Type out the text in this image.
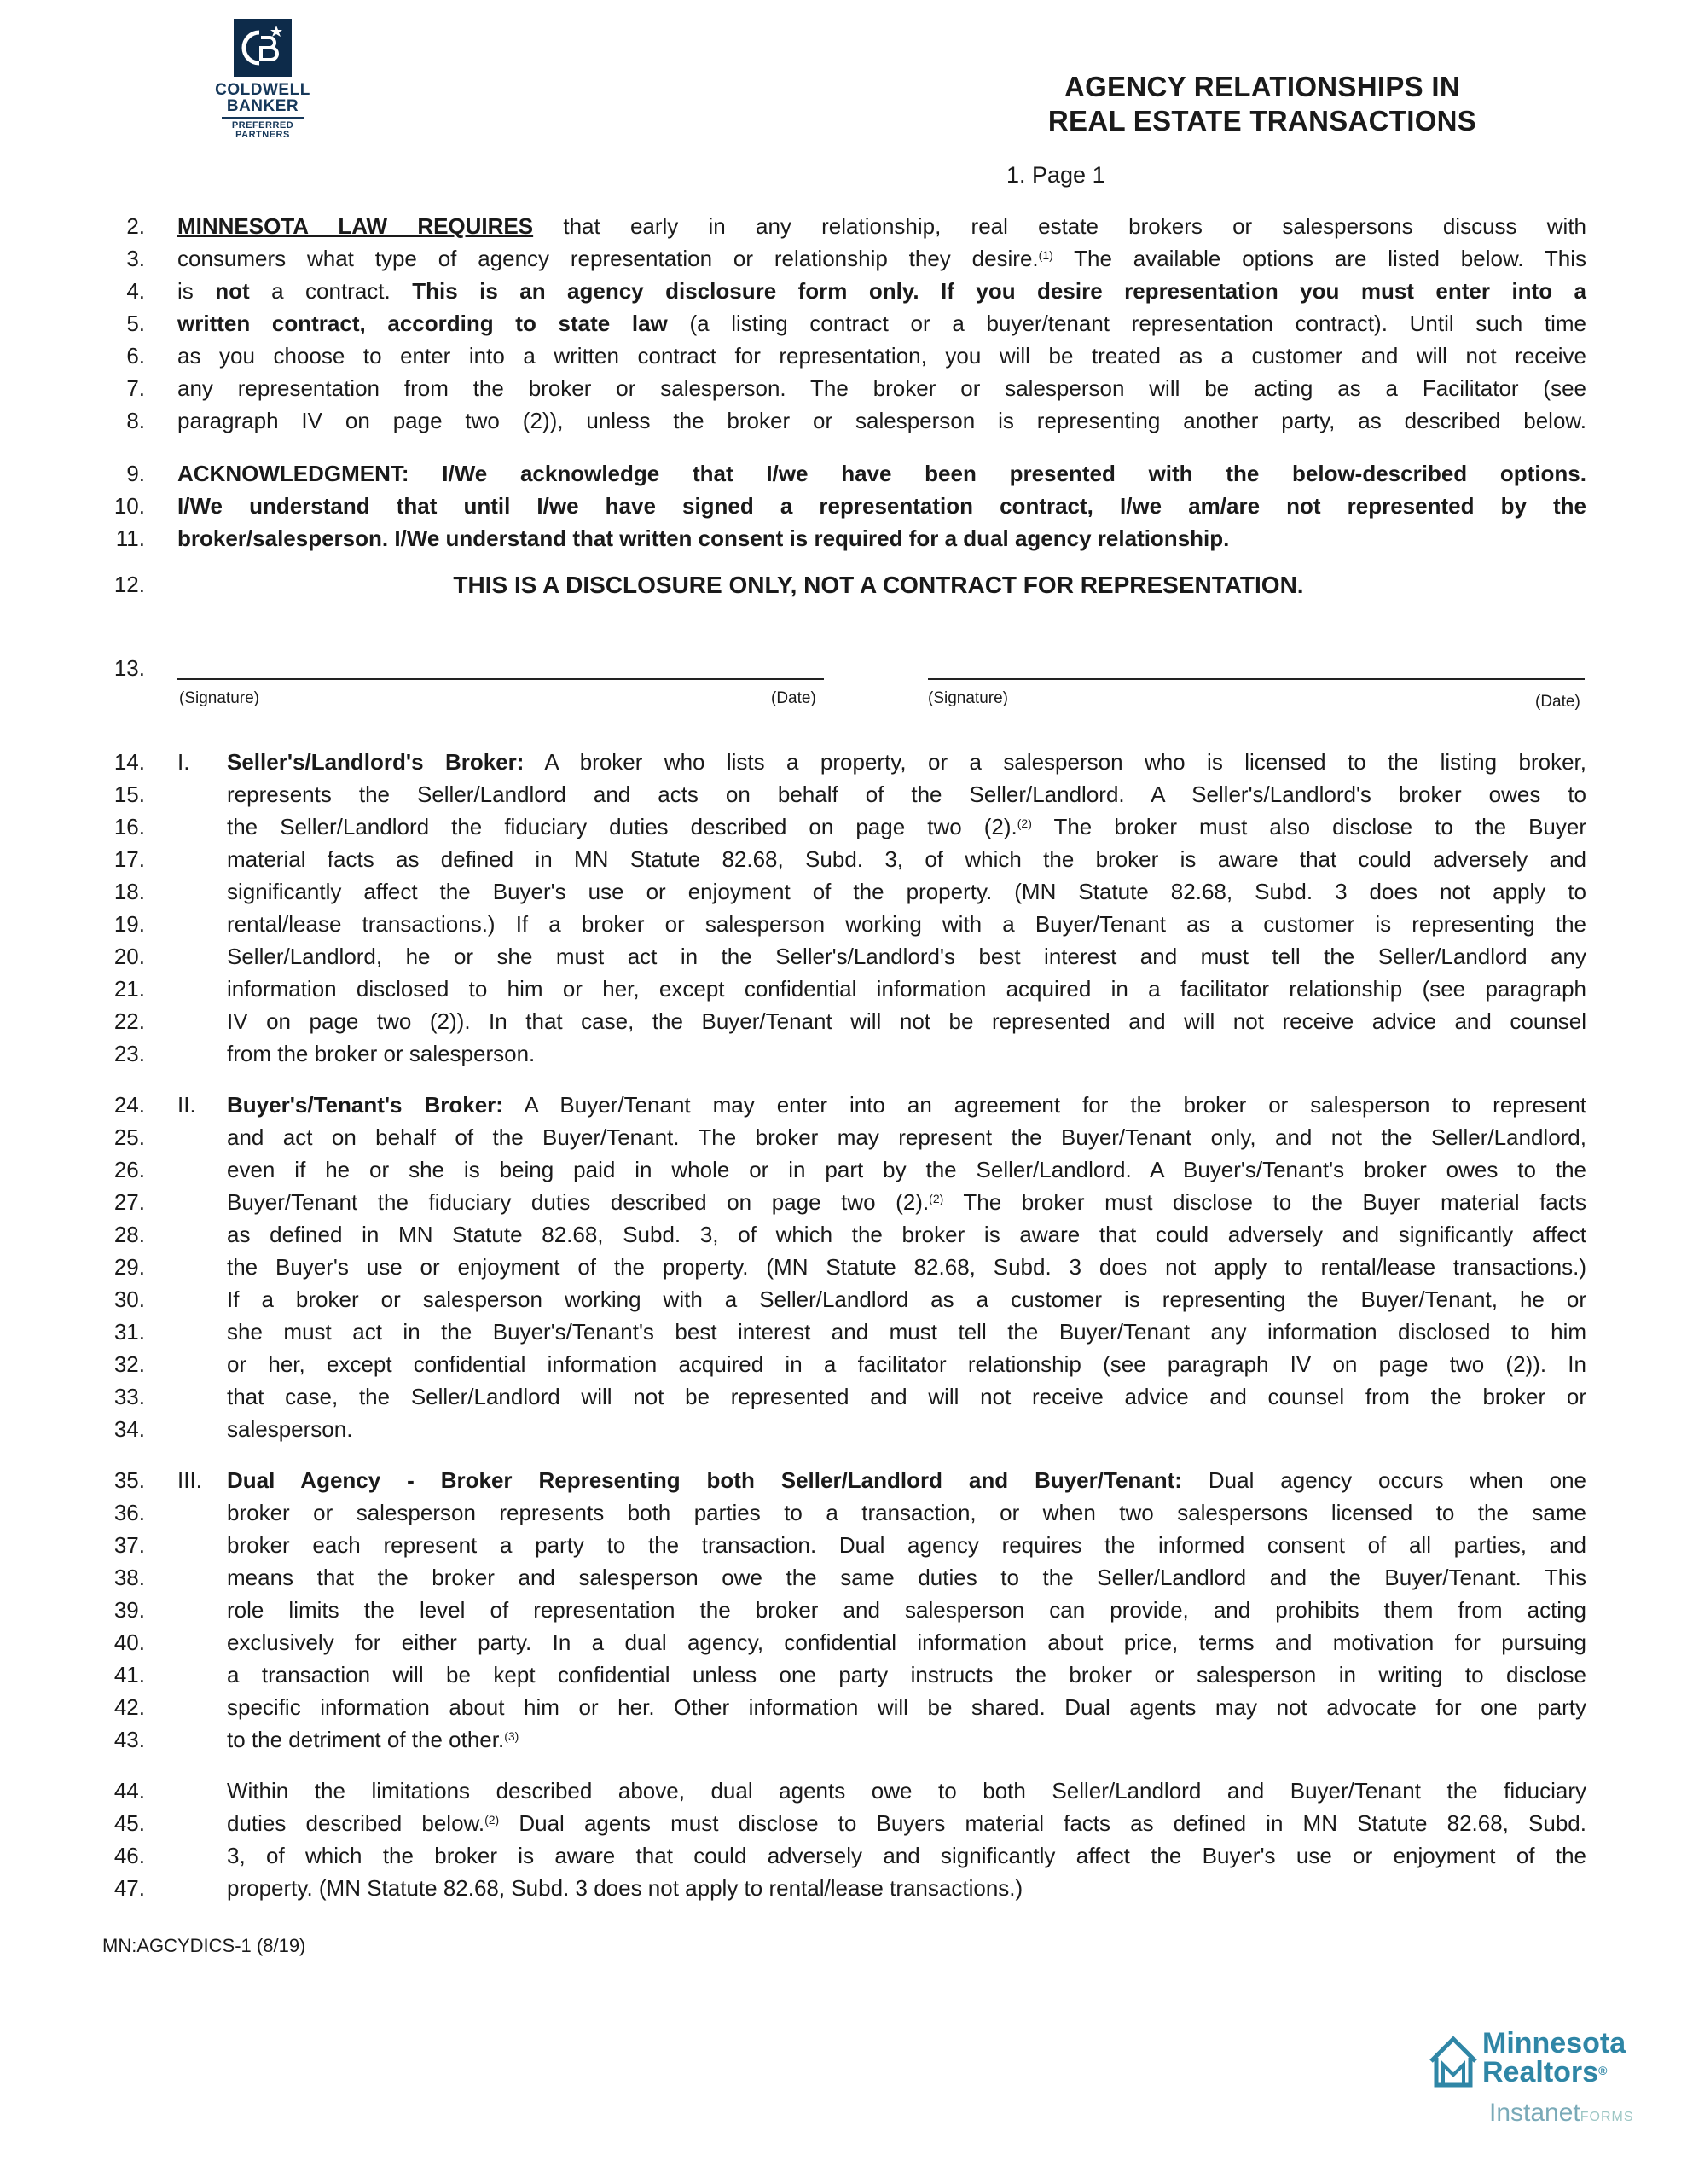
COLDWELL
BANKER
PREFERRED
PARTNERS
AGENCY RELATIONSHIPS IN
REAL ESTATE TRANSACTIONS
1. Page 1
2.
3.
4.
5.
6.
7.
8.
9.
10.
11.
12.
13.
14.
15.
16.
17.
18.
19.
20.
21.
22.
23.
24.
25.
26.
27.
28.
29.
30.
31.
32.
33.
34.
35.
36.
37.
38.
39.
40.
41.
42.
43.
44.
45.
46.
47.
MINNESOTA LAW REQUIRES that early in any relationship, real estate brokers or salespersons discuss with
consumers what type of agency representation or relationship they desire.$^{(1)}$ The available options are listed below. This
is not a contract. This is an agency disclosure form only. If you desire representation you must enter into a
written contract, according to state law (a listing contract or a buyer/tenant representation contract). Until such time
as you choose to enter into a written contract for representation, you will be treated as a customer and will not receive
any representation from the broker or salesperson. The broker or salesperson will be acting as a Facilitator (see
paragraph IV on page two (2)), unless the broker or salesperson is representing another party, as described below.
ACKNOWLEDGMENT: I/We acknowledge that I/we have been presented with the below-described options.
I/We understand that until I/we have signed a representation contract, I/we am/are not represented by the
broker/salesperson. I/We understand that written consent is required for a dual agency relationship.
THIS IS A DISCLOSURE ONLY, NOT A CONTRACT FOR REPRESENTATION.
(Signature)	(Date)	(Signature)	(Date)
I. Seller's/Landlord's Broker: A broker who lists a property, or a salesperson who is licensed to the listing broker,
represents the Seller/Landlord and acts on behalf of the Seller/Landlord. A Seller's/Landlord's broker owes to
the Seller/Landlord the fiduciary duties described on page two (2).$^{(2)}$ The broker must also disclose to the Buyer
material facts as defined in MN Statute 82.68, Subd. 3, of which the broker is aware that could adversely and
significantly affect the Buyer's use or enjoyment of the property. (MN Statute 82.68, Subd. 3 does not apply to
rental/lease transactions.) If a broker or salesperson working with a Buyer/Tenant as a customer is representing the
Seller/Landlord, he or she must act in the Seller's/Landlord's best interest and must tell the Seller/Landlord any
information disclosed to him or her, except confidential information acquired in a facilitator relationship (see paragraph
IV on page two (2)). In that case, the Buyer/Tenant will not be represented and will not receive advice and counsel
from the broker or salesperson.
II. Buyer's/Tenant's Broker: A Buyer/Tenant may enter into an agreement for the broker or salesperson to represent
and act on behalf of the Buyer/Tenant. The broker may represent the Buyer/Tenant only, and not the Seller/Landlord,
even if he or she is being paid in whole or in part by the Seller/Landlord. A Buyer's/Tenant's broker owes to the
Buyer/Tenant the fiduciary duties described on page two (2).$^{(2)}$ The broker must disclose to the Buyer material facts
as defined in MN Statute 82.68, Subd. 3, of which the broker is aware that could adversely and significantly affect
the Buyer's use or enjoyment of the property. (MN Statute 82.68, Subd. 3 does not apply to rental/lease transactions.)
If a broker or salesperson working with a Seller/Landlord as a customer is representing the Buyer/Tenant, he or
she must act in the Buyer's/Tenant's best interest and must tell the Buyer/Tenant any information disclosed to him
or her, except confidential information acquired in a facilitator relationship (see paragraph IV on page two (2)). In
that case, the Seller/Landlord will not be represented and will not receive advice and counsel from the broker or
salesperson.
III. Dual Agency - Broker Representing both Seller/Landlord and Buyer/Tenant: Dual agency occurs when one
broker or salesperson represents both parties to a transaction, or when two salespersons licensed to the same
broker each represent a party to the transaction. Dual agency requires the informed consent of all parties, and
means that the broker and salesperson owe the same duties to the Seller/Landlord and the Buyer/Tenant. This
role limits the level of representation the broker and salesperson can provide, and prohibits them from acting
exclusively for either party. In a dual agency, confidential information about price, terms and motivation for pursuing
a transaction will be kept confidential unless one party instructs the broker or salesperson in writing to disclose
specific information about him or her. Other information will be shared. Dual agents may not advocate for one party
to the detriment of the other.$^{(3)}$
Within the limitations described above, dual agents owe to both Seller/Landlord and Buyer/Tenant the fiduciary
duties described below.$^{(2)}$ Dual agents must disclose to Buyers material facts as defined in MN Statute 82.68, Subd.
3, of which the broker is aware that could adversely and significantly affect the Buyer's use or enjoyment of the
property. (MN Statute 82.68, Subd. 3 does not apply to rental/lease transactions.)
MN:AGCYDICS-1 (8/19)
Minnesota
Realtors®
InstanetFORMS
